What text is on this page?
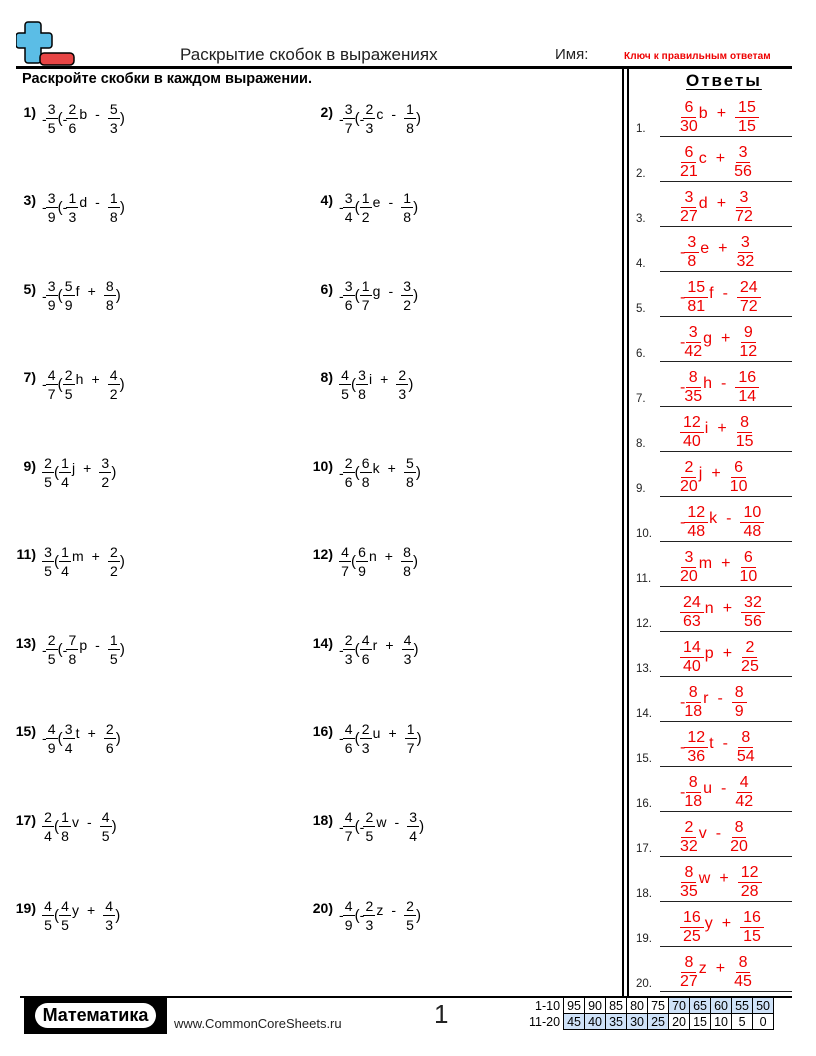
Раскрытие скобок в выражениях	Имя:	Ключ к правильным ответам
Раскройте скобки в каждом выражении.	Ответы
$1) - \frac{3}{5}$ ( - $\frac{2}{6}$ b - $\frac{5}{3}$ )	$2) - \frac{3}{7}$ ( - $\frac{2}{3}$ c - $\frac{1}{8}$ )
$3) - \frac{3}{9}$ ( - $\frac{1}{3}$ d - $\frac{1}{8}$ )	$4) - \frac{3}{4}$ ( $\frac{1}{2}$ e - $\frac{1}{8}$ )
$5) - \frac{3}{9}$ ( $\frac{5}{9}$ $f + \frac{8}{8}$ )	$6) - \frac{3}{6}$ ( $\frac{1}{7}$ g - $\frac{3}{2}$ )
$7) - \frac{4}{7}$ ( $\frac{2}{5}$ $h + \frac{4}{2}$ )	$8) \frac{4}{5}$ ( $\frac{3}{8}$ $i + \frac{2}{3}$ )
$9) \frac{2}{5}$ ( $\frac{1}{4}$ $j + \frac{3}{2}$ )	$10) - \frac{2}{6}$ ( $\frac{6}{8}$ $k + \frac{5}{8}$ )
$11) \frac{3}{5}$ ( $\frac{1}{4}$ $m + \frac{2}{2}$ )	$12) \frac{4}{7}$ ( $\frac{6}{9}$ $n + \frac{8}{8}$ )
$13) - \frac{2}{5}$ ( - $\frac{7}{8}$ p - $\frac{1}{5}$ )	$14) - \frac{2}{3}$ ( $\frac{4}{6}$ $r + \frac{4}{3}$ )
$15) - \frac{4}{9}$ ( $\frac{3}{4}$ $t + \frac{2}{6}$ )	$16) - \frac{4}{6}$ ( $\frac{2}{3}$ $u + \frac{1}{7}$ )
$17) \frac{2}{4}$ ( $\frac{1}{8}$ v - $\frac{4}{5}$ )	$18) - \frac{4}{7}$ ( - $\frac{2}{5}$ w - $\frac{3}{4}$ )
$19) \frac{4}{5}$ ( $\frac{4}{5}$ $y + \frac{4}{3}$ )	$20) - \frac{4}{9}$ ( - $\frac{2}{3}$ z - $\frac{2}{5}$ )
1. $\frac{6}{30}$ $b + \frac{15}{15}$
2. $\frac{6}{21}$ $c + \frac{3}{56}$
3. $\frac{3}{27}$ $d + \frac{3}{72}$
4.
- $\frac{3}{8}$ $e + \frac{3}{32}$
5.
- $\frac{15}{81}$ f - $\frac{24}{72}$
6.
- $\frac{3}{42}$ $g + \frac{9}{12}$
7.
- $\frac{8}{35}$ h - $\frac{16}{14}$
8. $\frac{12}{40}$ $i + \frac{8}{15}$
9. $\frac{2}{20}$ $j + \frac{6}{10}$
10.
- $\frac{12}{48}$ k - $\frac{10}{48}$
11. $\frac{3}{20}$ $m + \frac{6}{10}$
12. $\frac{24}{63}$ $n + \frac{32}{56}$
13. $\frac{14}{40}$ $p + \frac{2}{25}$
14.
- $\frac{8}{18}$ r - $\frac{8}{9}$
15.
- $\frac{12}{36}$ t - $\frac{8}{54}$
16.
- $\frac{8}{18}$ u - $\frac{4}{42}$
17. $\frac{2}{32}$ v - $\frac{8}{20}$
18. $\frac{8}{35}$ $w + \frac{12}{28}$
19. $\frac{16}{25}$ $y + \frac{16}{15}$
20. $\frac{8}{27}$ $z + \frac{8}{45}$
Математика	www.CommonCoreSheets.ru	1	1-10	95	90	85	80	75	70	65	60	55	50
11-20	45	40	35	30	25	20	15	10	5	0
